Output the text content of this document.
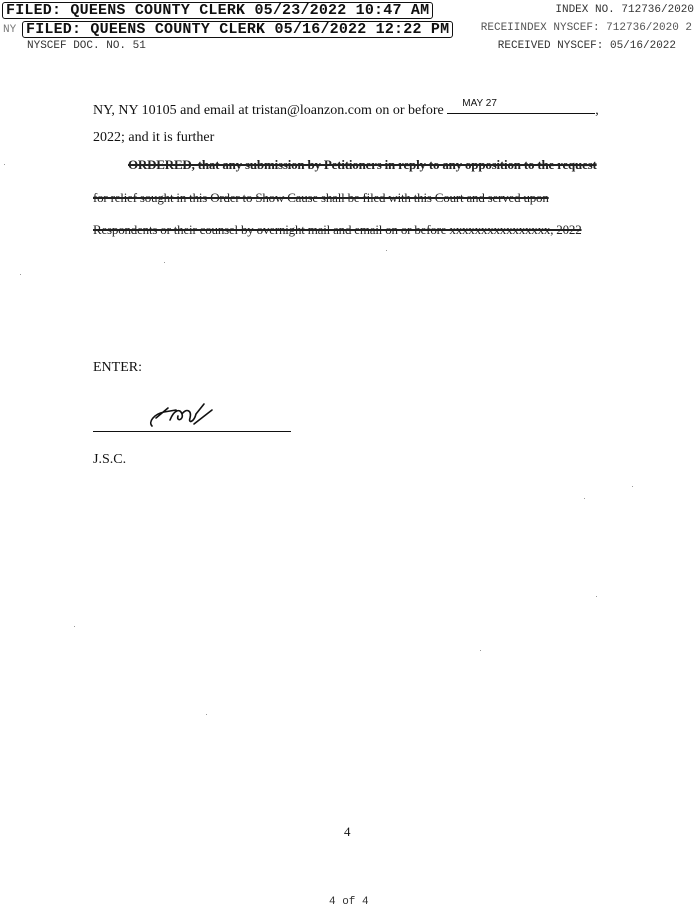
FILED: QUEENS COUNTY CLERK 05/23/2022 10:47 AM
NY FILED: QUEENS COUNTY CLERK 05/16/2022 12:22 PM
INDEX NO. 712736/2020
RECEIINDEX NYSCEF: 712736/2020 2
NYSCEF DOC. NO. 51	RECEIVED NYSCEF: 05/16/2022
NY, NY 10105 and email at tristan@loanzon.com on or before MAY 27	,
2022; and it is further
ORDERED, that any submission by Petitioners in reply to any opposition to the request
for relief sought in this Order to Show Cause shall be filed with this Court and served upon
Respondents or their counsel by overnight mail and email on or before xxxxxxxxxxxxxxxx, 2022
ENTER:
J.S.C.
4
4 of 4
